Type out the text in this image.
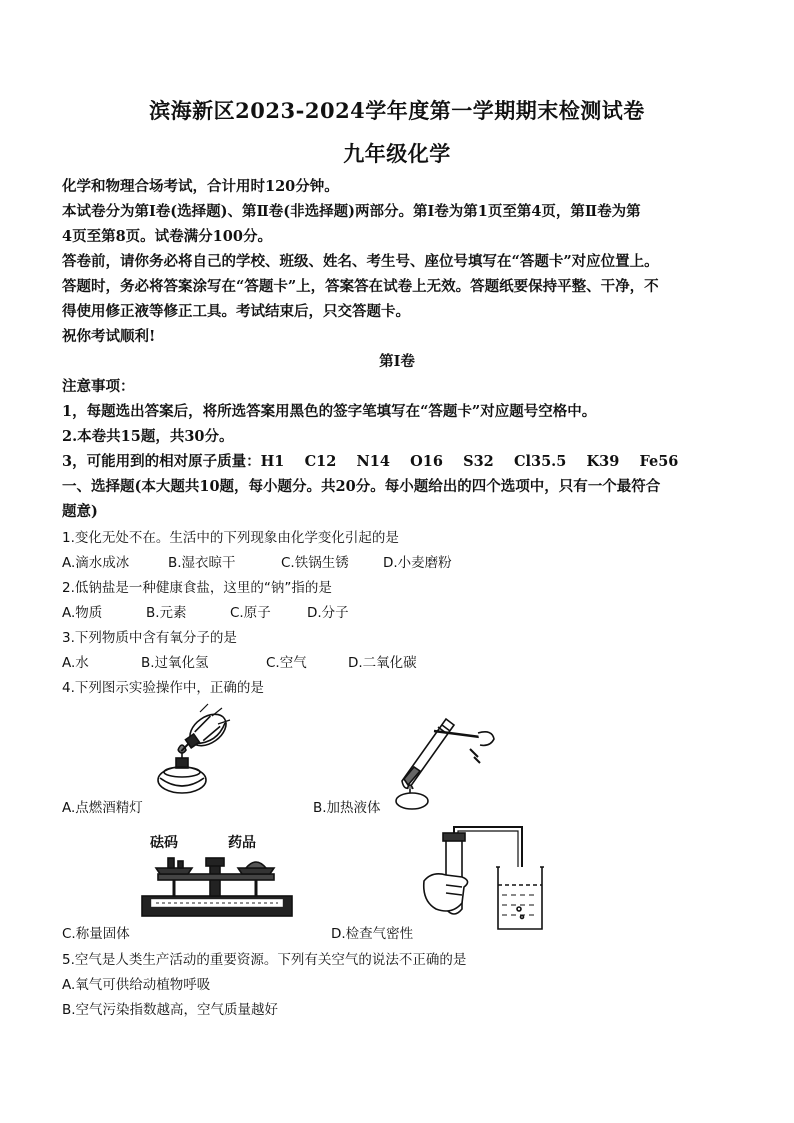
滨海新区2023-2024学年度第一学期期末检测试卷
九年级化学
化学和物理合场考试，合计用时120分钟。
本试卷分为第Ⅰ卷(选择题)、第Ⅱ卷(非选择题)两部分。第Ⅰ卷为第1页至第4页，第Ⅱ卷为第
4页至第8页。试卷满分100分。
答卷前，请你务必将自己的学校、班级、姓名、考生号、座位号填写在“答题卡”对应位置上。
答题时，务必将答案涂写在“答题卡”上，答案答在试卷上无效。答题纸要保持平整、干净，不
得使用修正液等修正工具。考试结束后，只交答题卡。
祝你考试顺利!
第Ⅰ卷
注意事项：
1，每题选出答案后，将所选答案用黑色的签字笔填写在“答题卡”对应题号空格中。
2.本卷共15题，共30分。
3，可能用到的相对原子质量：H1    C12    N14    O16    S32    Cl35.5    K39    Fe56
一、选择题(本大题共10题，每小题分。共20分。每小题给出的四个选项中，只有一个最符合
题意)
1.变化无处不在。生活中的下列现象由化学变化引起的是
A.滴水成冰	B.湿衣晾干	C.铁锅生锈	D.小麦磨粉
2.低钠盐是一种健康食盐，这里的“钠”指的是
A.物质	B.元素	C.原子	D.分子
3.下列物质中含有氧分子的是
A.水	B.过氧化氢	C.空气	D.二氧化碳
4.下列图示实验操作中，正确的是
A.点燃酒精灯	B.加热液体
砝码	药品
C.称量固体	D.检查气密性
5.空气是人类生产活动的重要资源。下列有关空气的说法不正确的是
A.氧气可供给动植物呼吸
B.空气污染指数越高，空气质量越好
